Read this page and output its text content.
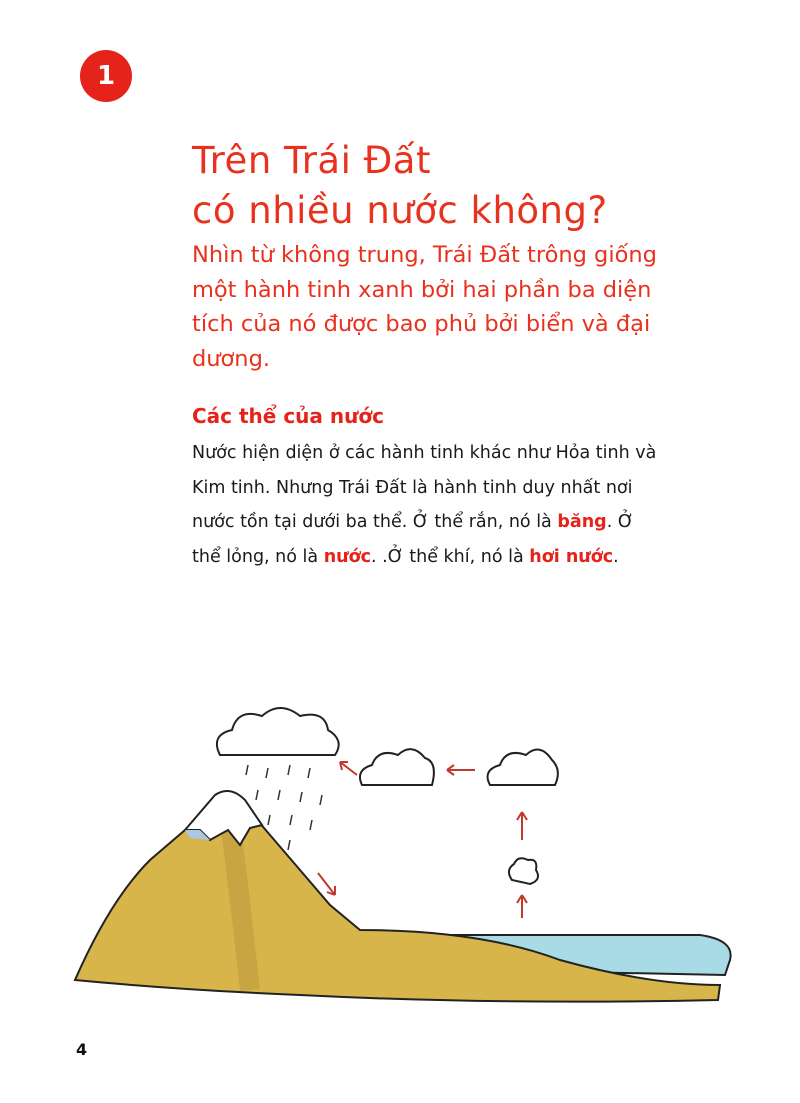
1
Trên Trái Đất
có nhiều nước không?
Nhìn từ không trung, Trái Đất trông giống một hành tinh xanh bởi hai phần ba diện tích của nó được bao phủ bởi biển và đại dương.
Các thể của nước
Nước hiện diện ở các hành tinh khác như Hỏa tinh và Kim tinh. Nhưng Trái Đất là hành tinh duy nhất nơi nước tồn tại dưới ba thể. Ở thể rắn, nó là băng. Ở thể lỏng, nó là nước. .Ở thể khí, nó là hơi nước.
4
